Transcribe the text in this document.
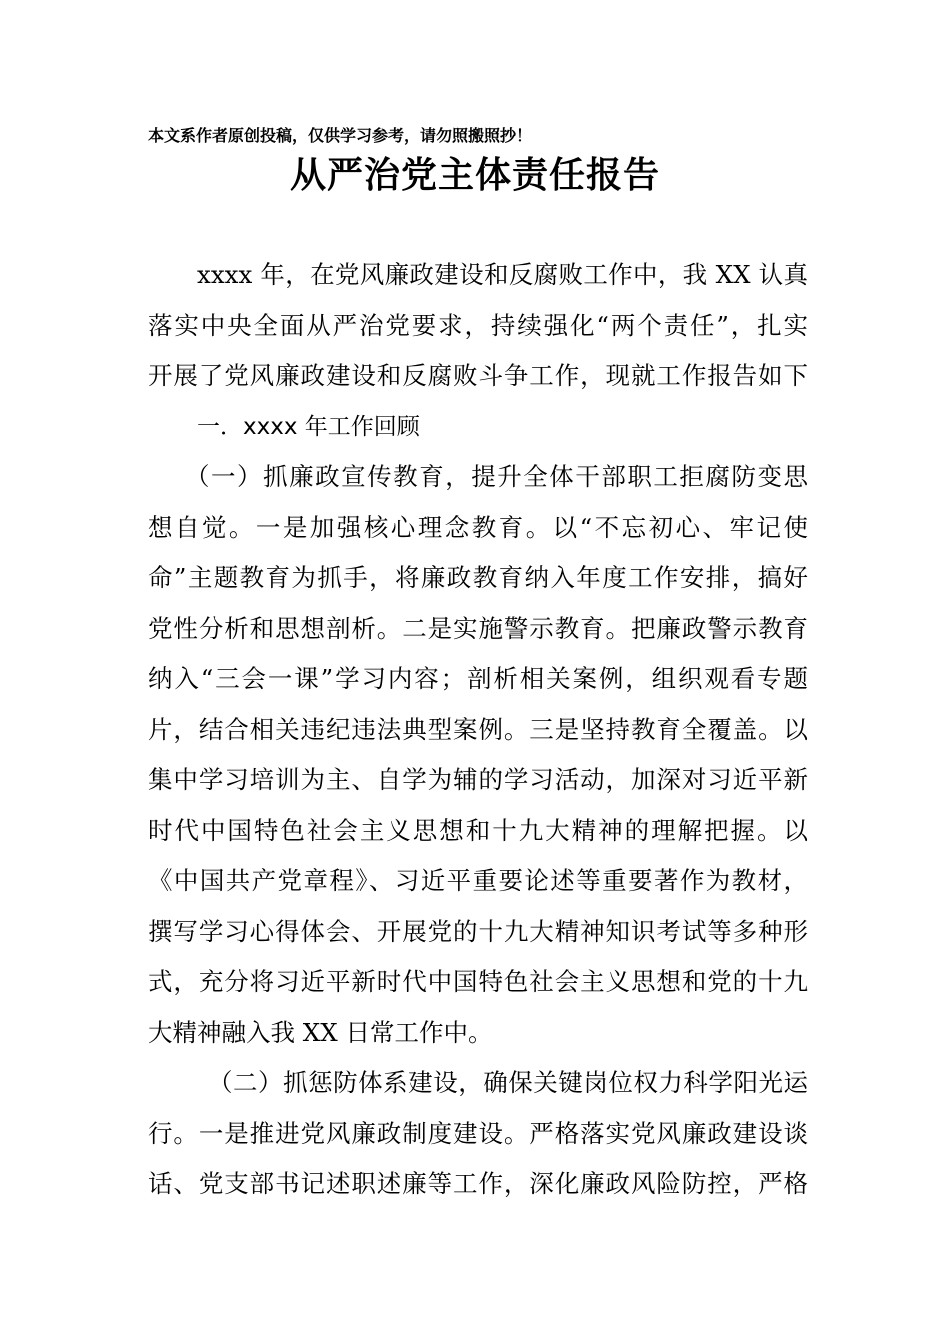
本文系作者原创投稿，仅供学习参考，请勿照搬照抄！
从严治党主体责任报告
xxxx 年，在党风廉政建设和反腐败工作中，我 XX 认真
落实中央全面从严治党要求，持续强化“两个责任”，扎实
开展了党风廉政建设和反腐败斗争工作，现就工作报告如下
一．xxxx 年工作回顾
（一）抓廉政宣传教育，提升全体干部职工拒腐防变思
想自觉。一是加强核心理念教育。以“不忘初心、牢记使
命”主题教育为抓手，将廉政教育纳入年度工作安排，搞好
党性分析和思想剖析。二是实施警示教育。把廉政警示教育
纳入“三会一课”学习内容；剖析相关案例，组织观看专题
片，结合相关违纪违法典型案例。三是坚持教育全覆盖。以
集中学习培训为主、自学为辅的学习活动，加深对习近平新
时代中国特色社会主义思想和十九大精神的理解把握。以
《中国共产党章程》、习近平重要论述等重要著作为教材，
撰写学习心得体会、开展党的十九大精神知识考试等多种形
式，充分将习近平新时代中国特色社会主义思想和党的十九
大精神融入我 XX 日常工作中。
（二）抓惩防体系建设，确保关键岗位权力科学阳光运
行。一是推进党风廉政制度建设。严格落实党风廉政建设谈
话、党支部书记述职述廉等工作，深化廉政风险防控，严格
